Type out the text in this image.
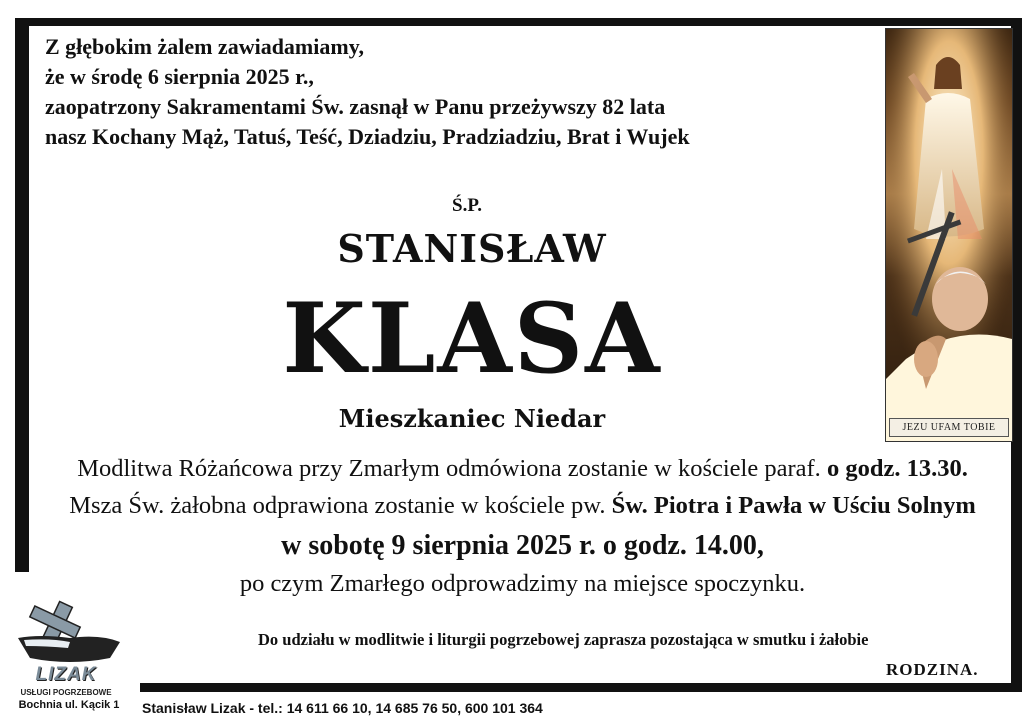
Z głębokim żalem zawiadamiamy,
że w środę 6 sierpnia 2025 r.,
zaopatrzony Sakramentami Św. zasnął w Panu przeżywszy 82 lata
nasz Kochany Mąż, Tatuś, Teść, Dziadziu, Pradziadziu, Brat i Wujek
Ś.P.
STANISŁAW
KLASA
Mieszkaniec Niedar
Modlitwa Różańcowa przy Zmarłym odmówiona zostanie w kościele paraf. o godz. 13.30.
Msza Św. żałobna odprawiona zostanie w kościele pw. Św. Piotra i Pawła w Uściu Solnym
w sobotę 9 sierpnia 2025 r. o godz. 14.00,
po czym Zmarłego odprowadzimy na miejsce spoczynku.
Do udziału w modlitwie i liturgii pogrzebowej zaprasza pozostająca w smutku i żałobie
RODZINA.
JEZU UFAM TOBIE
LIZAK
USŁUGI POGRZEBOWE
Bochnia ul. Kącik 1	Stanisław Lizak - tel.: 14 611 66 10, 14 685 76 50, 600 101 364
